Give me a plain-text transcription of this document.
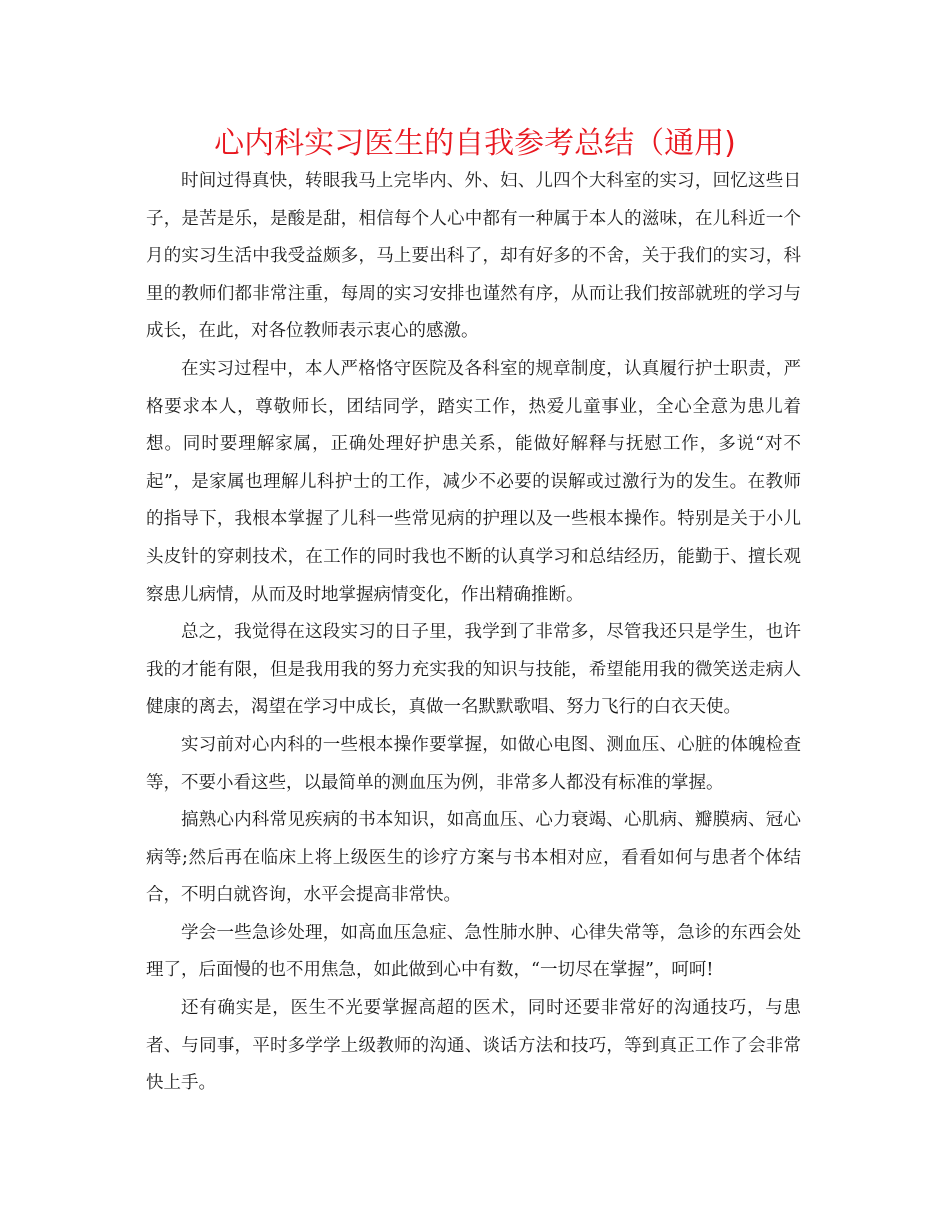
心内科实习医生的自我参考总结（通用)

时间过得真快，转眼我马上完毕内、外、妇、儿四个大科室的实习，回忆这些日子，是苦是乐，是酸是甜，相信每个人心中都有一种属于本人的滋味，在儿科近一个月的实习生活中我受益颇多，马上要出科了，却有好多的不舍，关于我们的实习，科里的教师们都非常注重，每周的实习安排也谨然有序，从而让我们按部就班的学习与成长，在此，对各位教师表示衷心的感激。

在实习过程中，本人严格恪守医院及各科室的规章制度，认真履行护士职责，严格要求本人，尊敬师长，团结同学，踏实工作，热爱儿童事业，全心全意为患儿着想。同时要理解家属，正确处理好护患关系，能做好解释与抚慰工作，多说“对不起”，是家属也理解儿科护士的工作，减少不必要的误解或过激行为的发生。在教师的指导下，我根本掌握了儿科一些常见病的护理以及一些根本操作。特别是关于小儿头皮针的穿刺技术，在工作的同时我也不断的认真学习和总结经历，能勤于、擅长观察患儿病情，从而及时地掌握病情变化，作出精确推断。

总之，我觉得在这段实习的日子里，我学到了非常多，尽管我还只是学生，也许我的才能有限，但是我用我的努力充实我的知识与技能，希望能用我的微笑送走病人健康的离去，渴望在学习中成长，真做一名默默歌唱、努力飞行的白衣天使。

实习前对心内科的一些根本操作要掌握，如做心电图、测血压、心脏的体魄检查等，不要小看这些，以最简单的测血压为例，非常多人都没有标准的掌握。

搞熟心内科常见疾病的书本知识，如高血压、心力衰竭、心肌病、瓣膜病、冠心病等;然后再在临床上将上级医生的诊疗方案与书本相对应，看看如何与患者个体结合，不明白就咨询，水平会提高非常快。

学会一些急诊处理，如高血压急症、急性肺水肿、心律失常等，急诊的东西会处理了，后面慢的也不用焦急，如此做到心中有数，“一切尽在掌握”，呵呵!

还有确实是，医生不光要掌握高超的医术，同时还要非常好的沟通技巧，与患者、与同事，平时多学学上级教师的沟通、谈话方法和技巧，等到真正工作了会非常快上手。
